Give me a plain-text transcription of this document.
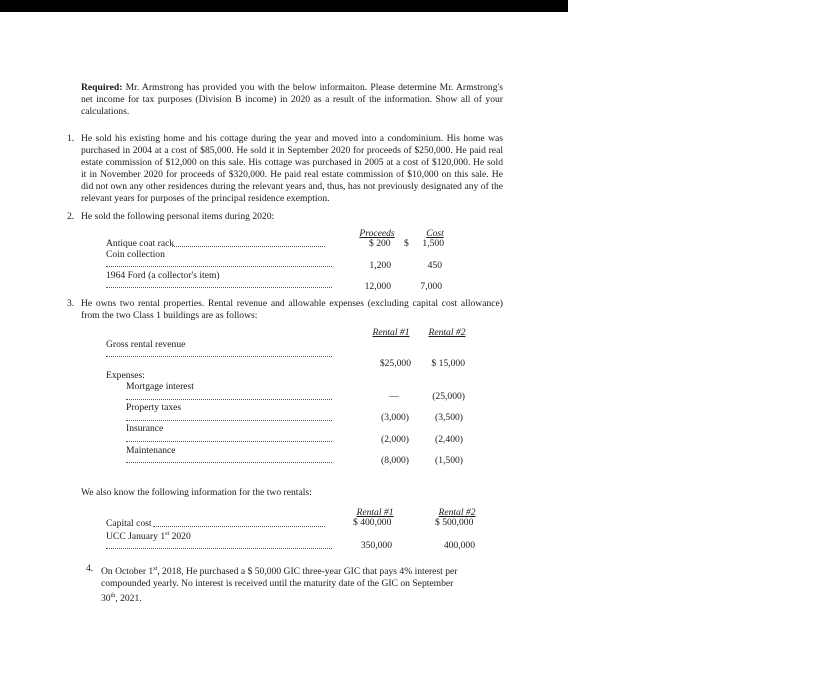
Required: Mr. Armstrong has provided you with the below informaiton. Please determine Mr. Armstrong's net income for tax purposes (Division B income) in 2020 as a result of the information. Show all of your calculations.
1. He sold his existing home and his cottage during the year and moved into a condominium. His home was purchased in 2004 at a cost of $85,000. He sold it in September 2020 for proceeds of $250,000. He paid real estate commission of $12,000 on this sale. His cottage was purchased in 2005 at a cost of $120,000. He sold it in November 2020 for proceeds of $320,000. He paid real estate commission of $10,000 on this sale. He did not own any other residences during the relevant years and, thus, has not previously designated any of the relevant years for purposes of the principal residence exemption.
2. He sold the following personal items during 2020:
Proceeds	Cost
Antique coat rack	$ 200 $	1,500
Coin collection
1,200	450
1964 Ford (a collector's item)
12,000	7,000
3. He owns two rental properties. Rental revenue and allowable expenses (excluding capital cost allowance) from the two Class 1 buildings are as follows:
Rental #1	Rental #2
Gross rental revenue
$25,000	$ 15,000
Expenses:
Mortgage interest
—	(25,000)
Property taxes
(3,000)	(3,500)
Insurance
(2,000)	(2,400)
Maintenance
(8,000)	(1,500)
We also know the following information for the two rentals:
Rental #1	Rental #2
Capital cost	$ 400,000	$ 500,000
UCC January 1st 2020
350,000	400,000
4. On October 1st, 2018, He purchased a $ 50,000 GIC three-year GIC that pays 4% interest per compounded yearly. No interest is received until the maturity date of the GIC on September 30th, 2021.
